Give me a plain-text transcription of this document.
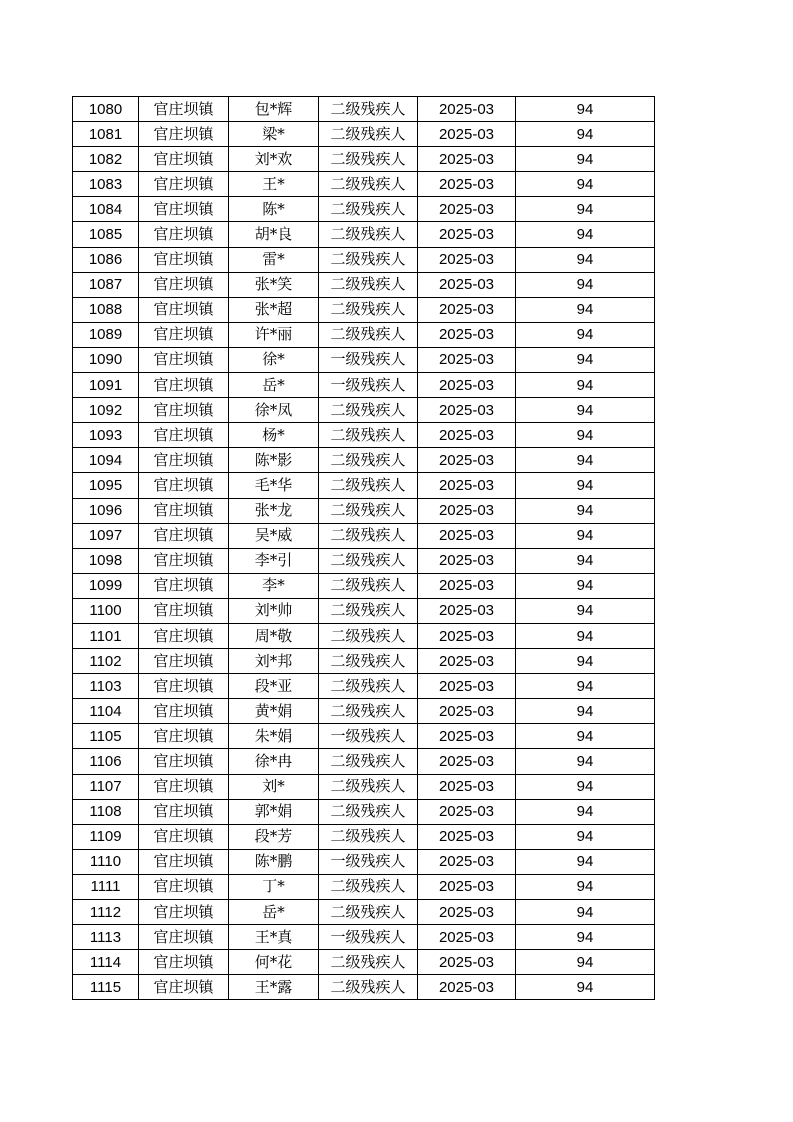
1080	官庄坝镇	包*辉	二级残疾人	2025-03	94
1081	官庄坝镇	梁*	二级残疾人	2025-03	94
1082	官庄坝镇	刘*欢	二级残疾人	2025-03	94
1083	官庄坝镇	王*	二级残疾人	2025-03	94
1084	官庄坝镇	陈*	二级残疾人	2025-03	94
1085	官庄坝镇	胡*良	二级残疾人	2025-03	94
1086	官庄坝镇	雷*	二级残疾人	2025-03	94
1087	官庄坝镇	张*笑	二级残疾人	2025-03	94
1088	官庄坝镇	张*超	二级残疾人	2025-03	94
1089	官庄坝镇	许*丽	二级残疾人	2025-03	94
1090	官庄坝镇	徐*	一级残疾人	2025-03	94
1091	官庄坝镇	岳*	一级残疾人	2025-03	94
1092	官庄坝镇	徐*凤	二级残疾人	2025-03	94
1093	官庄坝镇	杨*	二级残疾人	2025-03	94
1094	官庄坝镇	陈*影	二级残疾人	2025-03	94
1095	官庄坝镇	毛*华	二级残疾人	2025-03	94
1096	官庄坝镇	张*龙	二级残疾人	2025-03	94
1097	官庄坝镇	吴*威	二级残疾人	2025-03	94
1098	官庄坝镇	李*引	二级残疾人	2025-03	94
1099	官庄坝镇	李*	二级残疾人	2025-03	94
1100	官庄坝镇	刘*帅	二级残疾人	2025-03	94
1101	官庄坝镇	周*敬	二级残疾人	2025-03	94
1102	官庄坝镇	刘*邦	二级残疾人	2025-03	94
1103	官庄坝镇	段*亚	二级残疾人	2025-03	94
1104	官庄坝镇	黄*娟	二级残疾人	2025-03	94
1105	官庄坝镇	朱*娟	一级残疾人	2025-03	94
1106	官庄坝镇	徐*冉	二级残疾人	2025-03	94
1107	官庄坝镇	刘*	二级残疾人	2025-03	94
1108	官庄坝镇	郭*娟	二级残疾人	2025-03	94
1109	官庄坝镇	段*芳	二级残疾人	2025-03	94
1110	官庄坝镇	陈*鹏	一级残疾人	2025-03	94
1111	官庄坝镇	丁*	二级残疾人	2025-03	94
1112	官庄坝镇	岳*	二级残疾人	2025-03	94
1113	官庄坝镇	王*真	一级残疾人	2025-03	94
1114	官庄坝镇	何*花	二级残疾人	2025-03	94
1115	官庄坝镇	王*露	二级残疾人	2025-03	94
